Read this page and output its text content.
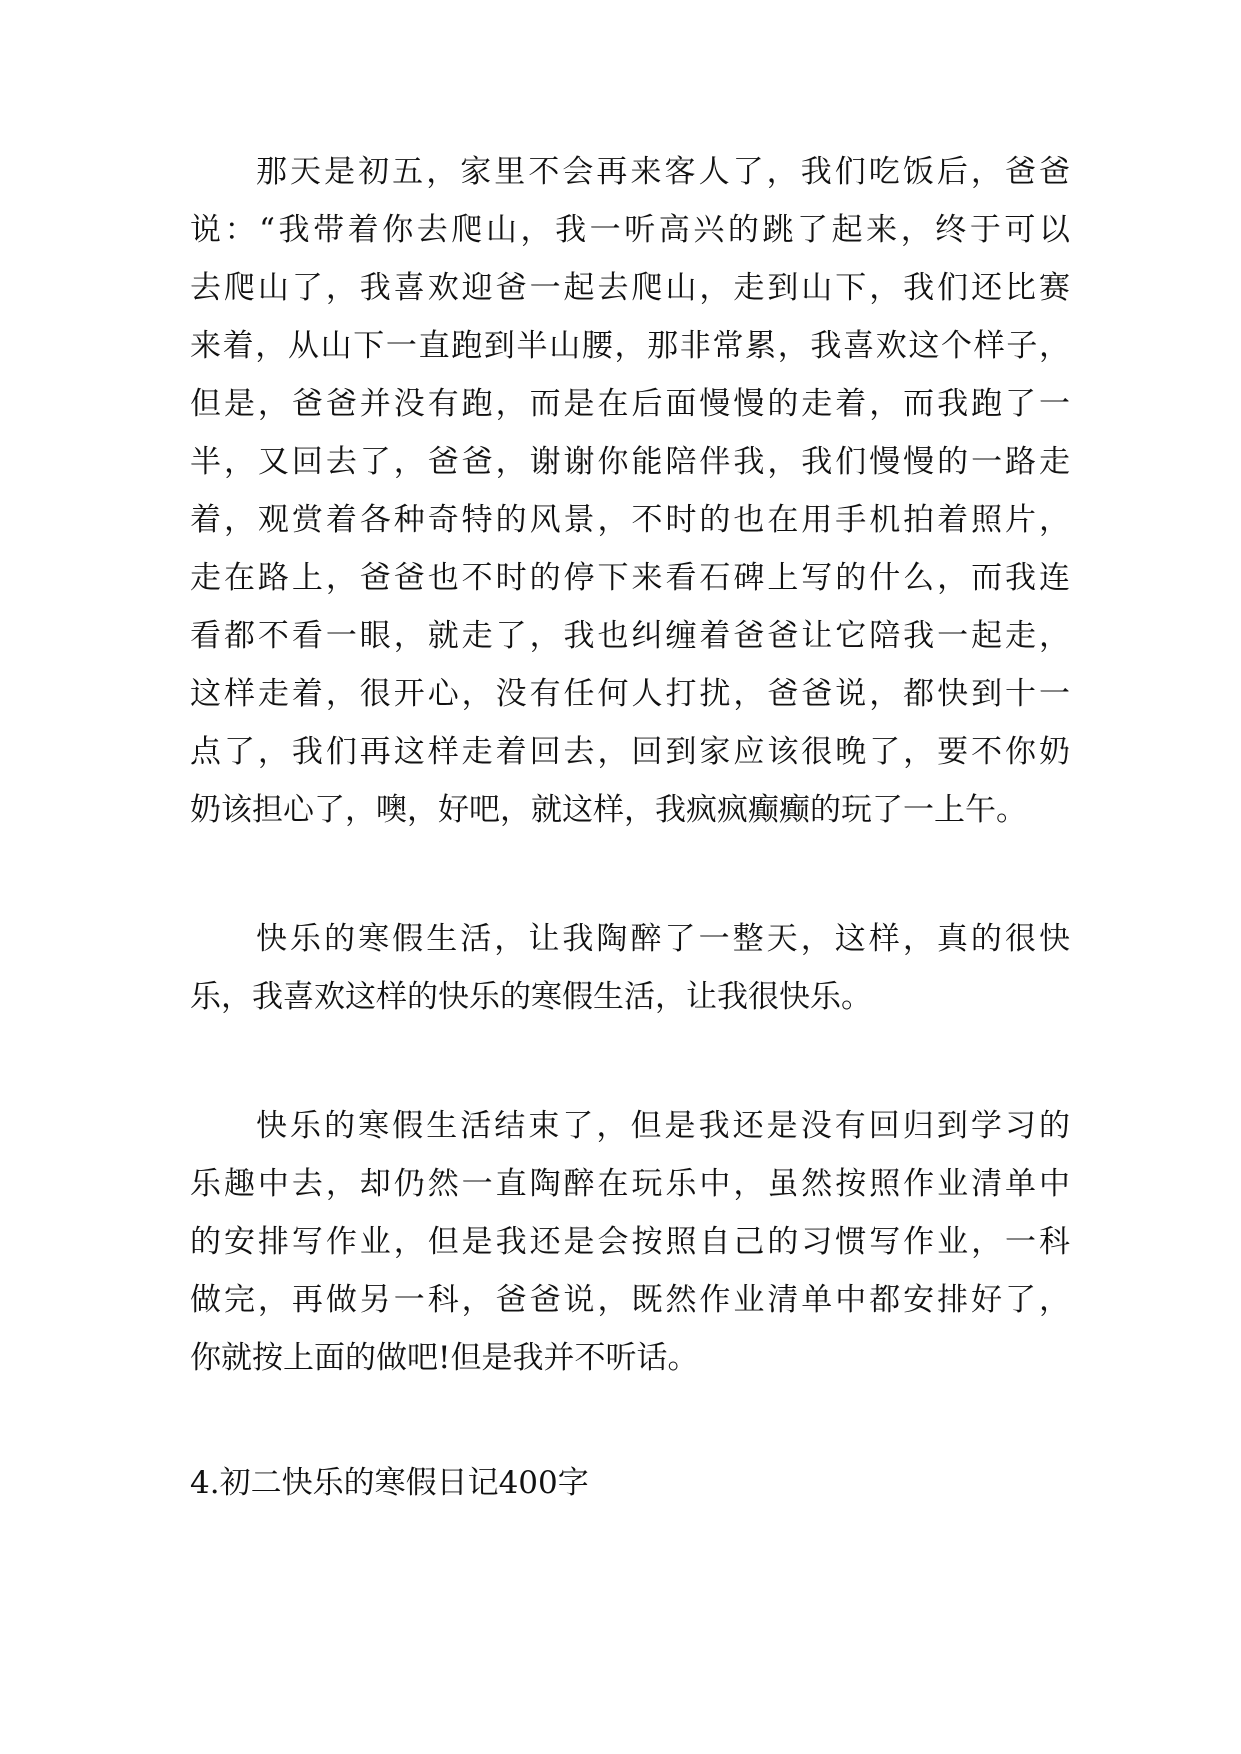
那天是初五，家里不会再来客人了，我们吃饭后，爸爸
说：“我带着你去爬山，我一听高兴的跳了起来，终于可以
去爬山了，我喜欢迎爸一起去爬山，走到山下，我们还比赛
来着，从山下一直跑到半山腰，那非常累，我喜欢这个样子，
但是，爸爸并没有跑，而是在后面慢慢的走着，而我跑了一
半，又回去了，爸爸，谢谢你能陪伴我，我们慢慢的一路走
着，观赏着各种奇特的风景，不时的也在用手机拍着照片，
走在路上，爸爸也不时的停下来看石碑上写的什么，而我连
看都不看一眼，就走了，我也纠缠着爸爸让它陪我一起走，
这样走着，很开心，没有任何人打扰，爸爸说，都快到十一
点了，我们再这样走着回去，回到家应该很晚了，要不你奶
奶该担心了，噢，好吧，就这样，我疯疯癫癫的玩了一上午。
快乐的寒假生活，让我陶醉了一整天，这样，真的很快
乐，我喜欢这样的快乐的寒假生活，让我很快乐。
快乐的寒假生活结束了，但是我还是没有回归到学习的
乐趣中去，却仍然一直陶醉在玩乐中，虽然按照作业清单中
的安排写作业，但是我还是会按照自己的习惯写作业，一科
做完，再做另一科，爸爸说，既然作业清单中都安排好了，
你就按上面的做吧!但是我并不听话。
4.初二快乐的寒假日记400字
